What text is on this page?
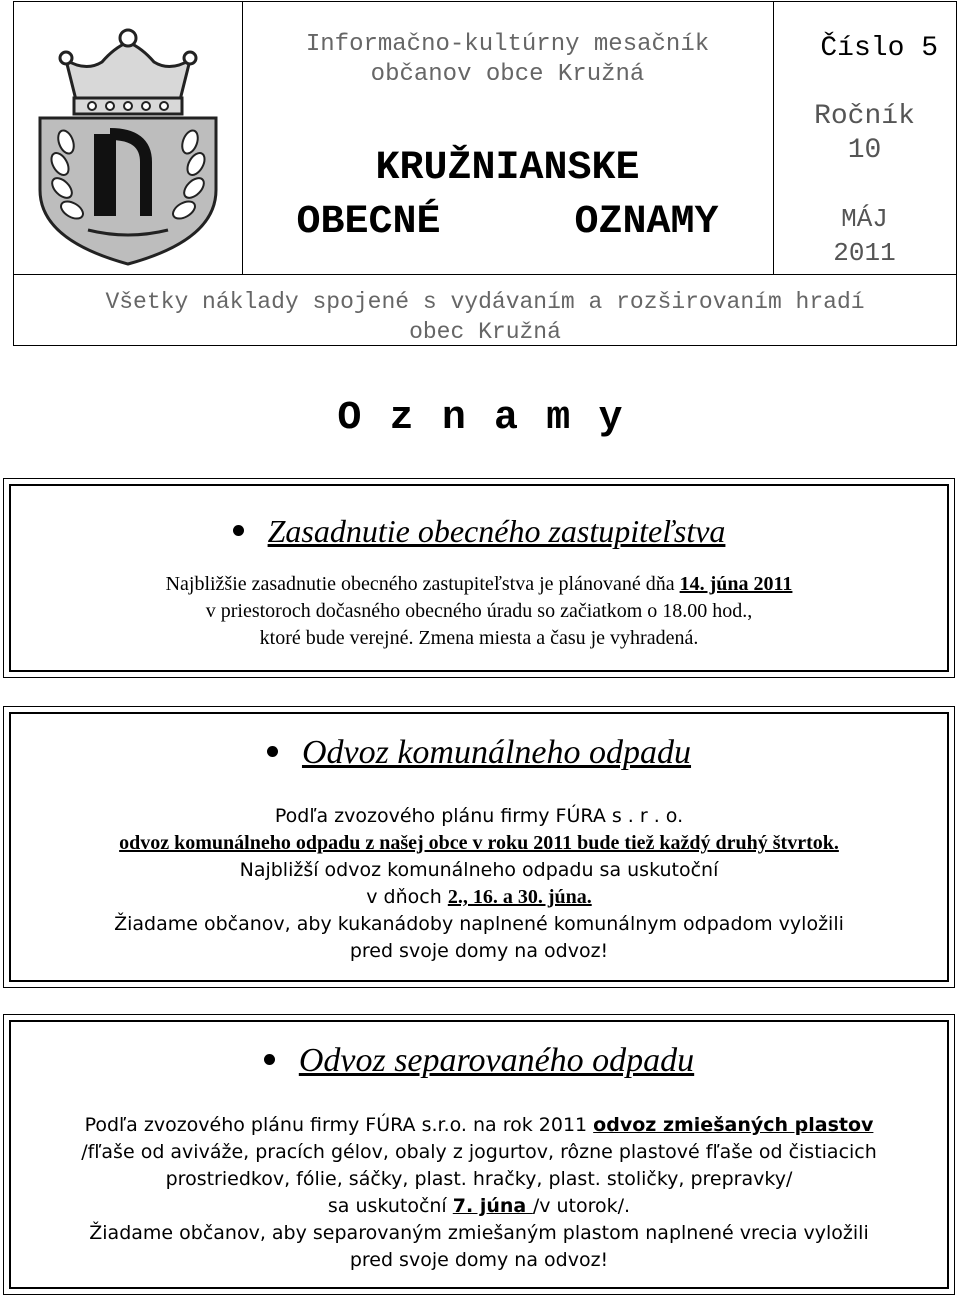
Informačno-kultúrny mesačník
občanov obce Kružná
KRUŽNIANSKE
OBECNÉ OZNAMY
Číslo 5
Ročník
10
MÁJ
2011
Všetky náklady spojené s vydávaním a rozširovaním hradí
obec Kružná
O z n a m y
Zasadnutie obecného zastupiteľstva
Najbližšie zasadnutie obecného zastupiteľstva je plánované dňa 14. júna 2011
v priestoroch dočasného obecného úradu so začiatkom o 18.00 hod.,
ktoré bude verejné. Zmena miesta a času je vyhradená.
Odvoz komunálneho odpadu
Podľa zvozového plánu firmy FÚRA s . r . o.
odvoz komunálneho odpadu z našej obce v roku 2011 bude tiež každý druhý štvrtok.
Najbližší odvoz komunálneho odpadu sa uskutoční
v dňoch 2., 16. a 30. júna.
Žiadame občanov, aby kukanádoby naplnené komunálnym odpadom vyložili
pred svoje domy na odvoz!
Odvoz separovaného odpadu
Podľa zvozového plánu firmy FÚRA s.r.o. na rok 2011 odvoz zmiešaných plastov
/fľaše od aviváže, pracích gélov, obaly z jogurtov, rôzne plastové fľaše od čistiacich
prostriedkov, fólie, sáčky, plast. hračky, plast. stoličky, prepravky/
sa uskutoční 7. júna /v utorok/.
Žiadame občanov, aby separovaným zmiešaným plastom naplnené vrecia vyložili
pred svoje domy na odvoz!
